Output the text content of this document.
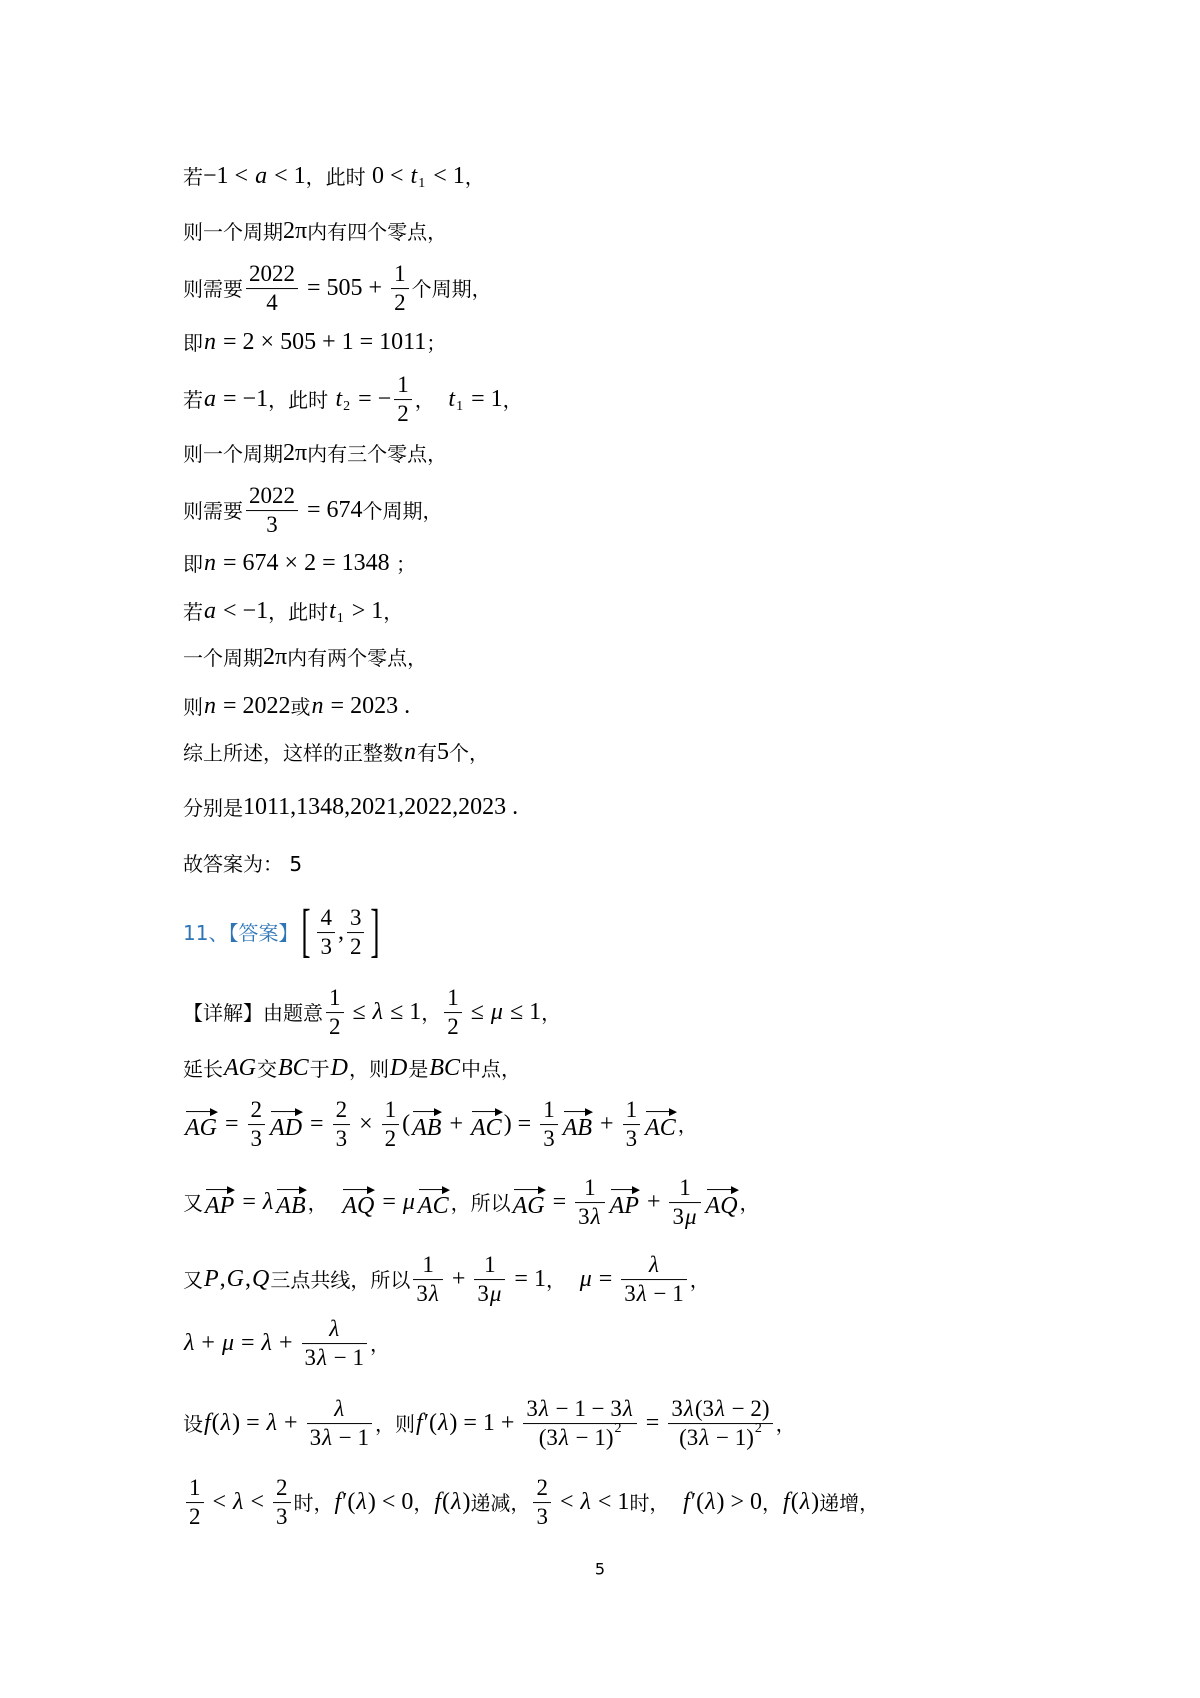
5
若 −1 < a < 1 ，此时 0 < t 1 < 1 ，
则一个周期 2π 内有四个零点，
则需要 $\frac{2022}{4} = 505 + \frac{1}{2}$ 个周期，
即 n = 2 × 505 + 1 = 1011 ；
若 a = −1 ，此时 t 2 = − $\frac{1}{2}$ ， t 1 = 1 ，
则一个周期 2π 内有三个零点，
则需要 $\frac{2022}{3} = 674$ 个周期，
即 n = 674 × 2 = 1348 ；
若 a < −1 ，此时 t 1 > 1 ，
一个周期 2π 内有两个零点，
则 n = 2022 或 n = 2023 .
综上所述，这样的正整数 n 有 5 个，
分别是 1011,1348,2021,2022,2023 .
故答案为： 5
11、【答案】 [ $\frac{4}{3}$ , $\frac{3}{2}$ ]
【详解】由题意 $\frac{1}{2} \le \lambda \le 1$ ， $\frac{1}{2} \le \mu \le 1$ ，
延长 AG 交 BC 于 D ，则 D 是 BC 中点，
AG = $\frac{2}{3}$ AD = $\frac{2}{3} \times \frac{1}{2}$ ( AB + AC ) = $\frac{1}{3}$ AB + $\frac{1}{3}$ AC ，
又 AP = λ AB ， AQ = μ AC ，所以 AG = $\frac{1}{3 \lambda}$ AP + $\frac{1}{3 \mu}$ AQ ，
又 P , G , Q 三点共线，所以 $\frac{1}{3 \lambda} + \frac{1}{3 \mu} = 1$ ， $\mu = \frac{\lambda}{3 \lambda - 1}$ ，
$\lambda + \mu = \lambda + \frac{\lambda}{3 \lambda - 1}$ ，
设 f ( λ ) = $\lambda + \frac{\lambda}{3 \lambda - 1}$ ，则 f ′( λ ) = $1 + \frac{3 \lambda - 1 - 3 \lambda}{(3 \lambda - 1) 2} = \frac{3 \lambda (3 \lambda - 2)}{(3 \lambda - 1) 2}$ ，
$\frac{1}{2} < \lambda < \frac{2}{3}$ 时， f ′( λ ) < 0 ， f ( λ ) 递减， $\frac{2}{3} < \lambda < 1$ 时， f ′( λ ) > 0 ， f ( λ ) 递增，
